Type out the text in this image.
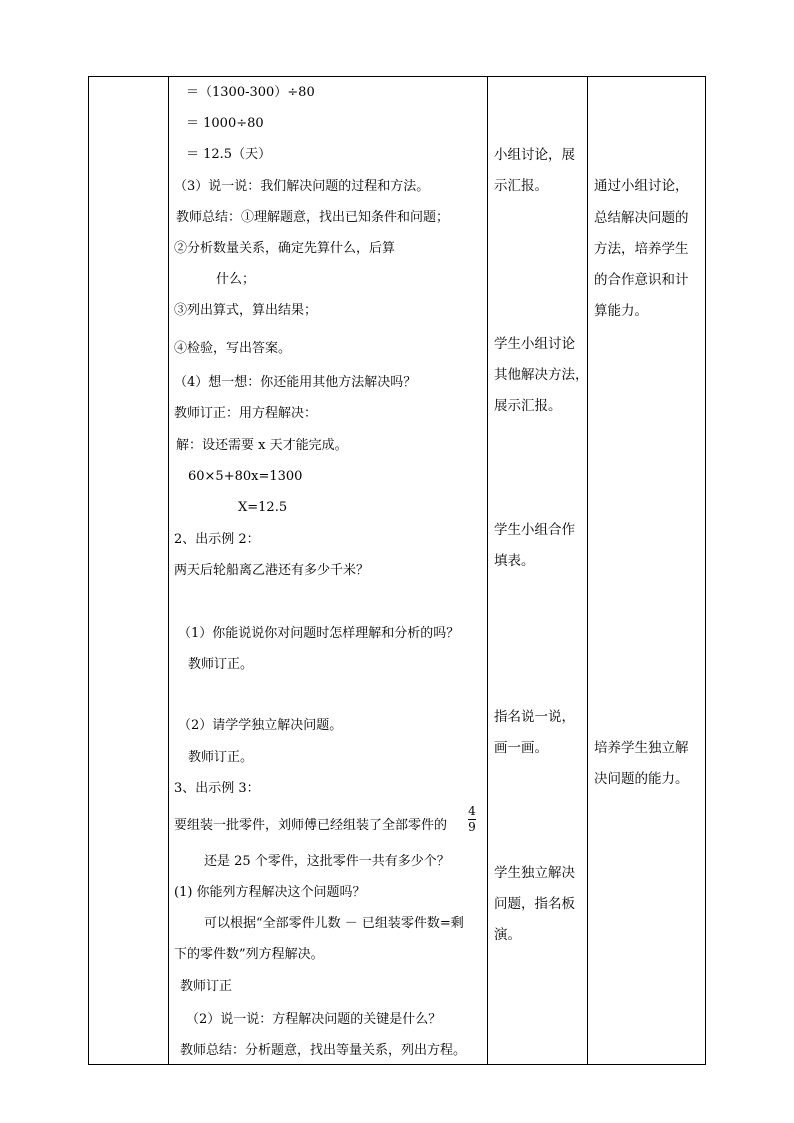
＝（1300-300）÷80
＝ 1000÷80
＝ 12.5（天）
（3）说一说：我们解决问题的过程和方法。
教师总结：①理解题意，找出已知条件和问题；
②分析数量关系，确定先算什么，后算
什么；
③列出算式，算出结果；
④检验，写出答案。
（4）想一想：你还能用其他方法解决吗？
教师订正：用方程解决：
解：设还需要 x 天才能完成。
60×5+80x=1300
X=12.5
2、出示例 2：
两天后轮船离乙港还有多少千米？
（1）你能说说你对问题时怎样理解和分析的吗？
教师订正。
（2）请学学独立解决问题。
教师订正。
3、出示例 3：
要组装一批零件，刘师傅已经组装了全部零件的
4
9
还是 25 个零件，这批零件一共有多少个？
(1) 你能列方程解决这个问题吗？
可以根据“全部零件儿数 － 已组装零件数=剩
下的零件数”列方程解决。
教师订正
（2）说一说：方程解决问题的关键是什么？
教师总结：分析题意，找出等量关系，列出方程。
小组讨论，展
示汇报。
学生小组讨论
其他解决方法，
展示汇报。
学生小组合作
填表。
指名说一说，
画一画。
学生独立解决
问题，指名板
演。
通过小组讨论，
总结解决问题的
方法，培养学生
的合作意识和计
算能力。
培养学生独立解
决问题的能力。
